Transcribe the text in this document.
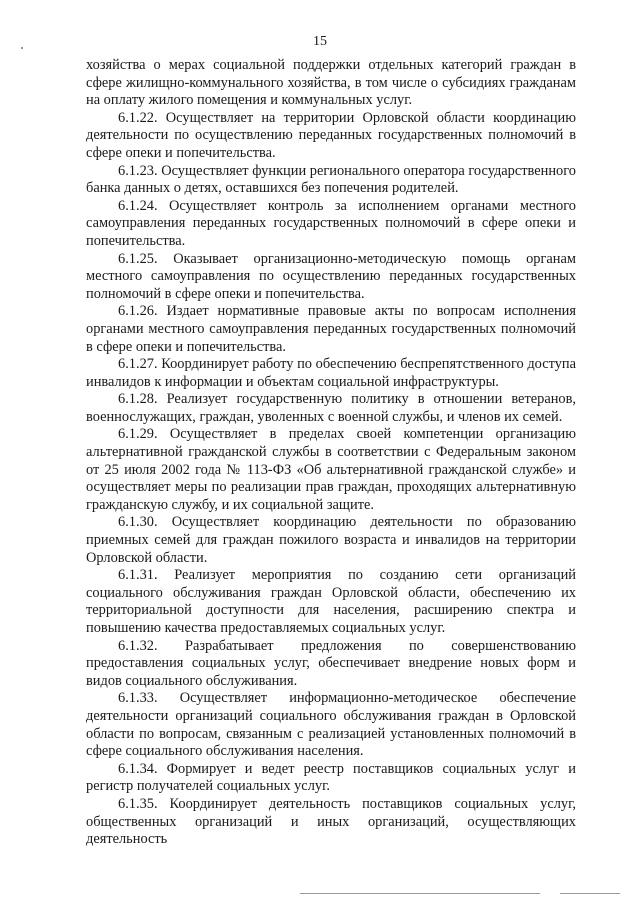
15

хозяйства о мерах социальной поддержки отдельных категорий граждан в сфере жилищно-коммунального хозяйства, в том числе о субсидиях гражданам на оплату жилого помещения и коммунальных услуг.

6.1.22. Осуществляет на территории Орловской области координацию деятельности по осуществлению переданных государственных полномочий в сфере опеки и попечительства.

6.1.23. Осуществляет функции регионального оператора государственного банка данных о детях, оставшихся без попечения родителей.

6.1.24. Осуществляет контроль за исполнением органами местного самоуправления переданных государственных полномочий в сфере опеки и попечительства.

6.1.25. Оказывает организационно-методическую помощь органам местного самоуправления по осуществлению переданных государственных полномочий в сфере опеки и попечительства.

6.1.26. Издает нормативные правовые акты по вопросам исполнения органами местного самоуправления переданных государственных полномочий в сфере опеки и попечительства.

6.1.27. Координирует работу по обеспечению беспрепятственного доступа инвалидов к информации и объектам социальной инфраструктуры.

6.1.28. Реализует государственную политику в отношении ветеранов, военнослужащих, граждан, уволенных с военной службы, и членов их семей.

6.1.29. Осуществляет в пределах своей компетенции организацию альтернативной гражданской службы в соответствии с Федеральным законом от 25 июля 2002 года № 113-ФЗ «Об альтернативной гражданской службе» и осуществляет меры по реализации прав граждан, проходящих альтернативную гражданскую службу, и их социальной защите.

6.1.30. Осуществляет координацию деятельности по образованию приемных семей для граждан пожилого возраста и инвалидов на территории Орловской области.

6.1.31. Реализует мероприятия по созданию сети организаций социального обслуживания граждан Орловской области, обеспечению их территориальной доступности для населения, расширению спектра и повышению качества предоставляемых социальных услуг.

6.1.32. Разрабатывает предложения по совершенствованию предоставления социальных услуг, обеспечивает внедрение новых форм и видов социального обслуживания.

6.1.33. Осуществляет информационно-методическое обеспечение деятельности организаций социального обслуживания граждан в Орловской области по вопросам, связанным с реализацией установленных полномочий в сфере социального обслуживания населения.

6.1.34. Формирует и ведет реестр поставщиков социальных услуг и регистр получателей социальных услуг.

6.1.35. Координирует деятельность поставщиков социальных услуг, общественных организаций и иных организаций, осуществляющих деятельность
